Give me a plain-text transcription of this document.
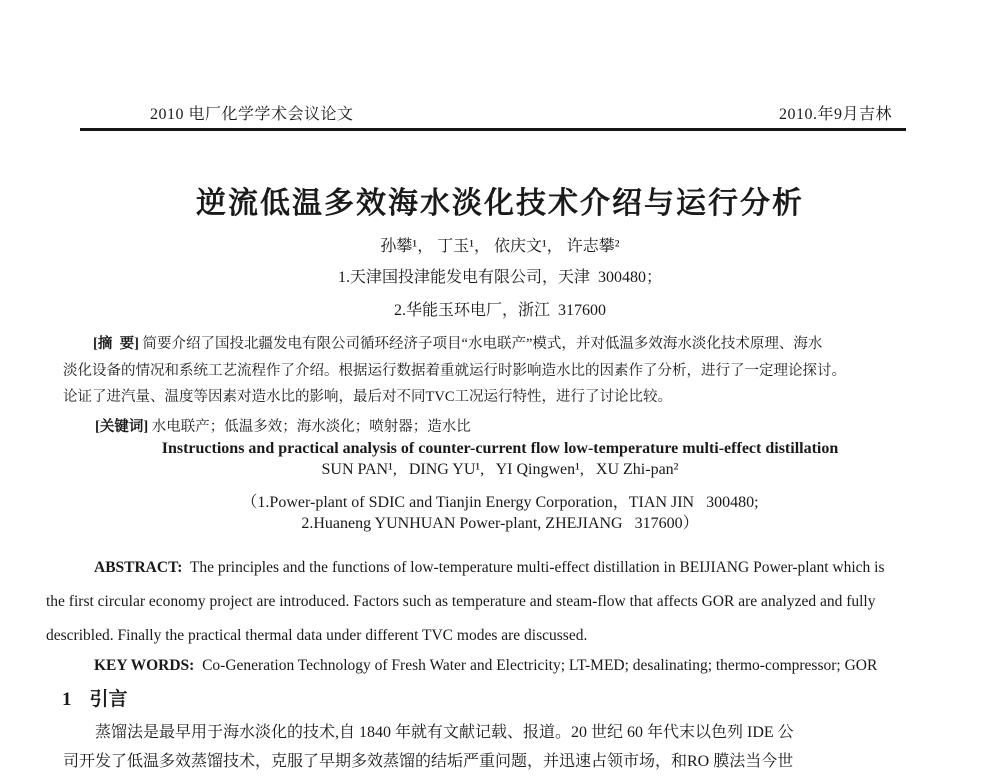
2010 电厂化学学术会议论文	2010.年9月吉林
逆流低温多效海水淡化技术介绍与运行分析
孙攀¹， 丁玉¹， 依庆文¹， 许志攀²
1.天津国投津能发电有限公司，天津  300480；
2.华能玉环电厂，浙江  317600
[摘  要] 简要介绍了国投北疆发电有限公司循环经济子项目“水电联产”模式，并对低温多效海水淡化技术原理、海水
淡化设备的情况和系统工艺流程作了介绍。根据运行数据着重就运行时影响造水比的因素作了分析，进行了一定理论探讨。
论证了进汽量、温度等因素对造水比的影响，最后对不同TVC工况运行特性，进行了讨论比较。
[关键词] 水电联产；低温多效；海水淡化；喷射器；造水比
Instructions and practical analysis of counter-current flow low-temperature multi-effect distillation
SUN PAN¹,   DING YU¹,   YI Qingwen¹,   XU Zhi-pan²
（1.Power-plant of SDIC and Tianjin Energy Corporation，TIAN JIN   300480;
2.Huaneng YUNHUAN Power-plant, ZHEJIANG   317600）
ABSTRACT: The principles and the functions of low-temperature multi-effect distillation in BEIJIANG Power-plant which is
the first circular economy project are introduced. Factors such as temperature and steam-flow that affects GOR are analyzed and fully
describled. Finally the practical thermal data under different TVC modes are discussed.
KEY WORDS: Co-Generation Technology of Fresh Water and Electricity; LT-MED; desalinating; thermo-compressor; GOR
1 引言
蒸馏法是最早用于海水淡化的技术,自 1840 年就有文献记载、报道。20 世纪 60 年代末以色列 IDE 公
司开发了低温多效蒸馏技术，克服了早期多效蒸馏的结垢严重问题，并迅速占领市场，和RO 膜法当今世
